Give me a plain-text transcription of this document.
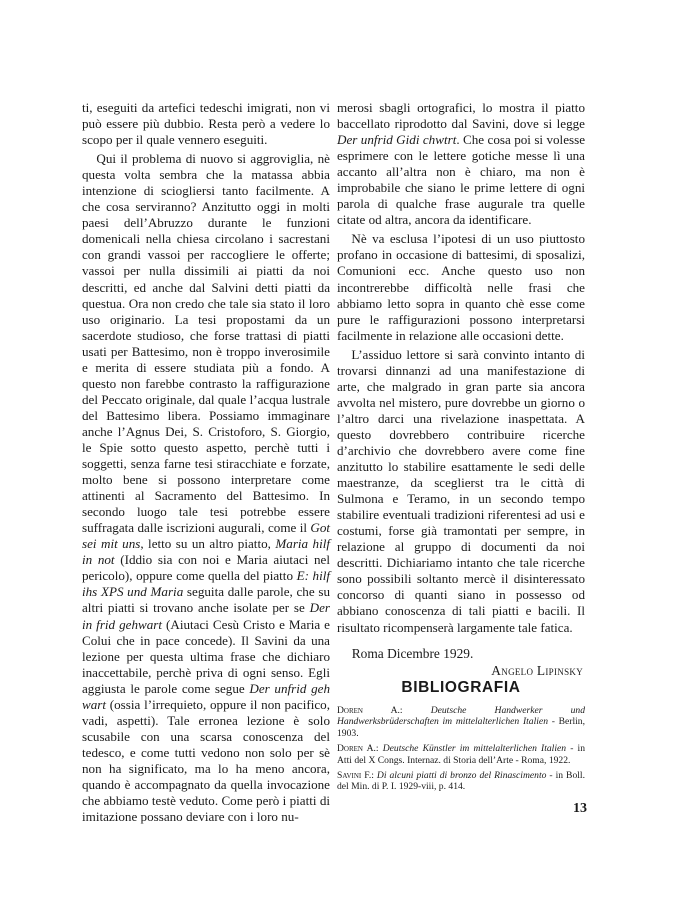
ti, eseguiti da artefici tedeschi imigrati, non vi può essere più dubbio. Resta però a vedere lo scopo per il quale vennero eseguiti.

Qui il problema di nuovo si aggroviglia, nè questa volta sembra che la matassa abbia intenzione di sciogliersi tanto facilmente. A che cosa serviranno? Anzitutto oggi in molti paesi dell’Abruzzo durante le funzioni domenicali nella chiesa circolano i sacrestani con grandi vassoi per raccogliere le offerte; vassoi per nulla dissimili ai piatti da noi descritti, ed anche dal Salvini detti piatti da questua. Ora non credo che tale sia stato il loro uso originario. La tesi propostami da un sacerdote studioso, che forse trattasi di piatti usati per Battesimo, non è troppo inverosimile e merita di essere studiata più a fondo. A questo non farebbe contrasto la raffigurazione del Peccato originale, dal quale l’acqua lustrale del Battesimo libera. Possiamo immaginare anche l’Agnus Dei, S. Cristoforo, S. Giorgio, le Spie sotto questo aspetto, perchè tutti i soggetti, senza farne tesi stiracchiate e forzate, molto bene si possono interpretare come attinenti al Sacramento del Battesimo. In secondo luogo tale tesi potrebbe essere suffragata dalle iscrizioni augurali, come il Got sei mit uns, letto su un altro piatto, Maria hilf in not (Iddio sia con noi e Maria aiutaci nel pericolo), oppure come quella del piatto E: hilf ihs XPS und Maria seguita dalle parole, che su altri piatti si trovano anche isolate per se Der in frid gehwart (Aiutaci Cesù Cristo e Maria e Colui che in pace concede). Il Savini da una lezione per questa ultima frase che dichiaro inaccettabile, perchè priva di ogni senso. Egli aggiusta le parole come segue Der unfrid geh wart (ossia l’irrequieto, oppure il non pacifico, vadi, aspetti). Tale erronea lezione è solo scusabile con una scarsa conoscenza del tedesco, e come tutti vedono non solo per sè non ha significato, ma lo ha meno ancora, quando è accompagnato da quella invocazione che abbiamo testè veduto. Come però i piatti di imitazione possano deviare con i loro nu-

merosi sbagli ortografici, lo mostra il piatto baccellato riprodotto dal Savini, dove si legge Der unfrid Gidi chwtrt. Che cosa poi si volesse esprimere con le lettere gotiche messe lì una accanto all’altra non è chiaro, ma non è improbabile che siano le prime lettere di ogni parola di qualche frase augurale tra quelle citate od altra, ancora da identificare.

Nè va esclusa l’ipotesi di un uso piuttosto profano in occasione di battesimi, di sposalizi, Comunioni ecc. Anche questo uso non incontrerebbe difficoltà nelle frasi che abbiamo letto sopra in quanto chè esse come pure le raffigurazioni possono interpretarsi facilmente in relazione alle occasioni dette.

L’assiduo lettore si sarà convinto intanto di trovarsi dinnanzi ad una manifestazione di arte, che malgrado in gran parte sia ancora avvolta nel mistero, pure dovrebbe un giorno o l’altro darci una rivelazione inaspettata. A questo dovrebbero contribuire ricerche d’archivio che dovrebbero avere come fine anzitutto lo stabilire esattamente le sedi delle maestranze, da sceglierst tra le città di Sulmona e Teramo, in un secondo tempo stabilire eventuali tradizioni riferentesi ad usi e costumi, forse già tramontati per sempre, in relazione al gruppo di documenti da noi descritti. Dichiariamo intanto che tale ricerche sono possibili soltanto mercè il disinteressato concorso di quanti siano in possesso od abbiano conoscenza di tali piatti e bacili. Il risultato ricompenserà largamente tale fatica.

Roma Dicembre 1929.

Angelo Lipinsky

BIBLIOGRAFIA

Doren A.:	Deutsche Handwerker und Handwerksbrüderschaften im mittelalterlichen Italien - Berlin, 1903.

Doren A.: Deutsche Künstler im mittelalterlichen Italien - in Atti del X Congs. Internaz. di Storia dell’Arte - Roma, 1922.

Savini F.: Di alcuni piatti di bronzo del Rinascimento - in Boll. del Min. di P. I. 1929-viii, p. 414.

13
